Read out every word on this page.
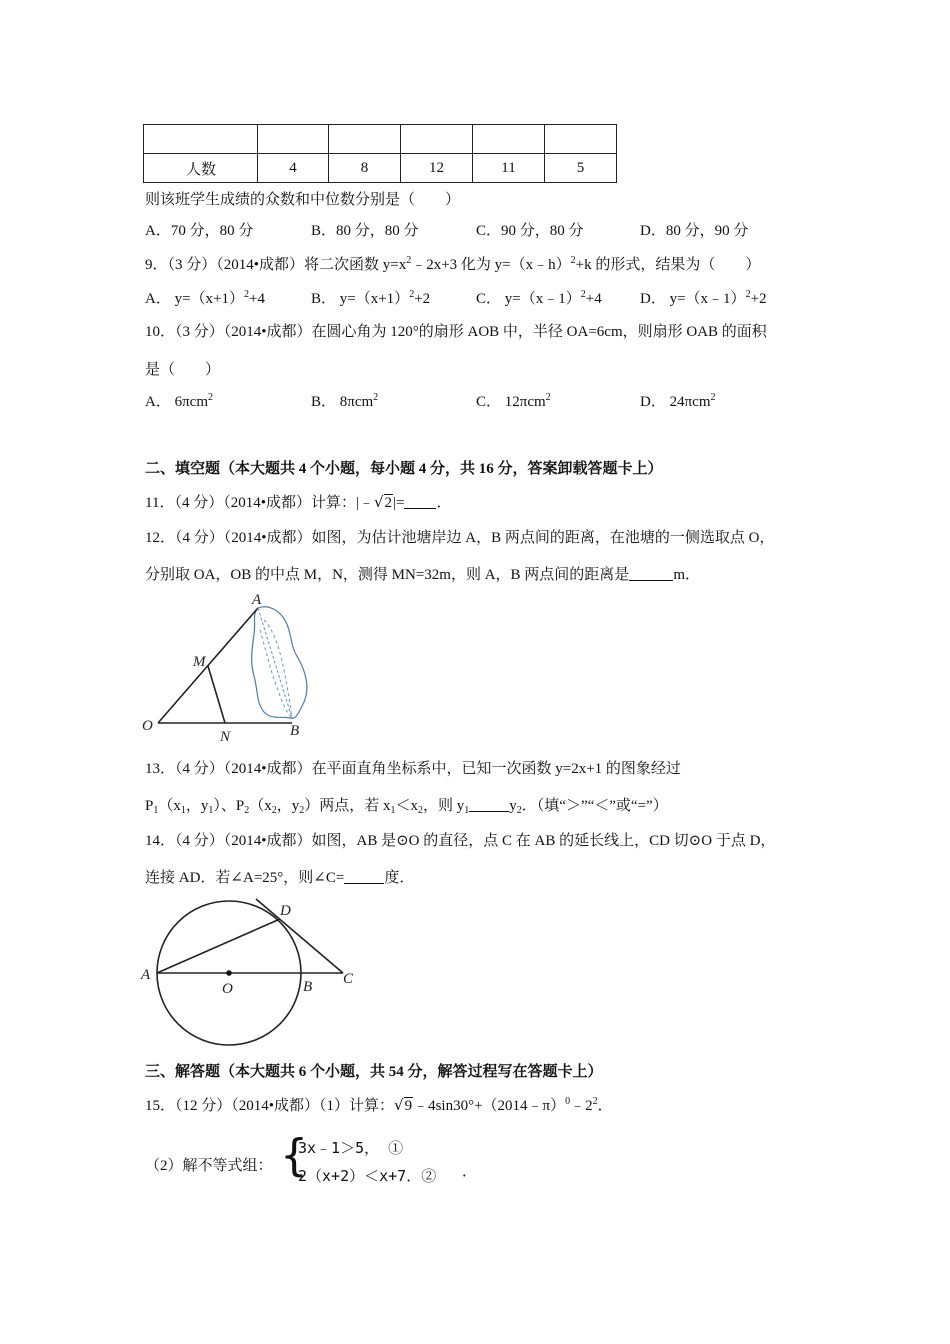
人数	4	8	12	11	5
则该班学生成绩的众数和中位数分别是（　　）
A．70 分，80 分	B．80 分，80 分	C．90 分，80 分	D．80 分，90 分
9．（3 分）（2014•成都）将二次函数 $y=x^2﹣2x+3$ 化为 y=（x﹣h）$^2$+k 的形式，结果为（　　）
A． $y=(x+1)^2+4$	B． $y=(x+1)^2+2$	C． y=（x﹣1）$^2$+4	D． y=（x﹣1）$^2$+2
10．（3 分）（2014•成都）在圆心角为 120°的扇形 AOB 中，半径 OA=6cm，则扇形 OAB 的面积
是（　　）
A． 6πcm$^2$	B． 8πcm$^2$	C． 12πcm$^2$	D． 24πcm$^2$
二、填空题（本大题共 4 个小题，每小题 4 分，共 16 分，答案卸载答题卡上）
11．（4 分）（2014•成都）计算：|﹣√2|= ．
12．（4 分）（2014•成都）如图，为估计池塘岸边 A，B 两点间的距离，在池塘的一侧选取点 O，
分别取 OA，OB 的中点 M，N，测得 MN=32m，则 A，B 两点间的距离是	m．
A
M
O
N	B
13．（4 分）（2014•成都）在平面直角坐标系中，已知一次函数 y=2x+1 的图象经过
$P_1(x_1$，$y_1$）、$P_2(x_2$，$y_2$）两点，若 $x_1<x_2$，则 $y_1$	$y_2$．（填“＞”“＜”或“=”）
14．（4 分）（2014•成都）如图，AB 是⊙O 的直径，点 C 在 AB 的延长线上，CD 切⊙O 于点 D，
连接 AD．若∠A=25°，则∠C=	度．
A
O	B C
D
三、解答题（本大题共 6 个小题，共 54 分，解答过程写在答题卡上）
15．（12 分）（2014•成都）（1）计算：$√9﹣4\sin 30^\circ+(2014﹣\pi)^0﹣2^2$．
（2）解不等式组： {
3x﹣1＞5， ①
2（x+2）＜x+7．② ．
